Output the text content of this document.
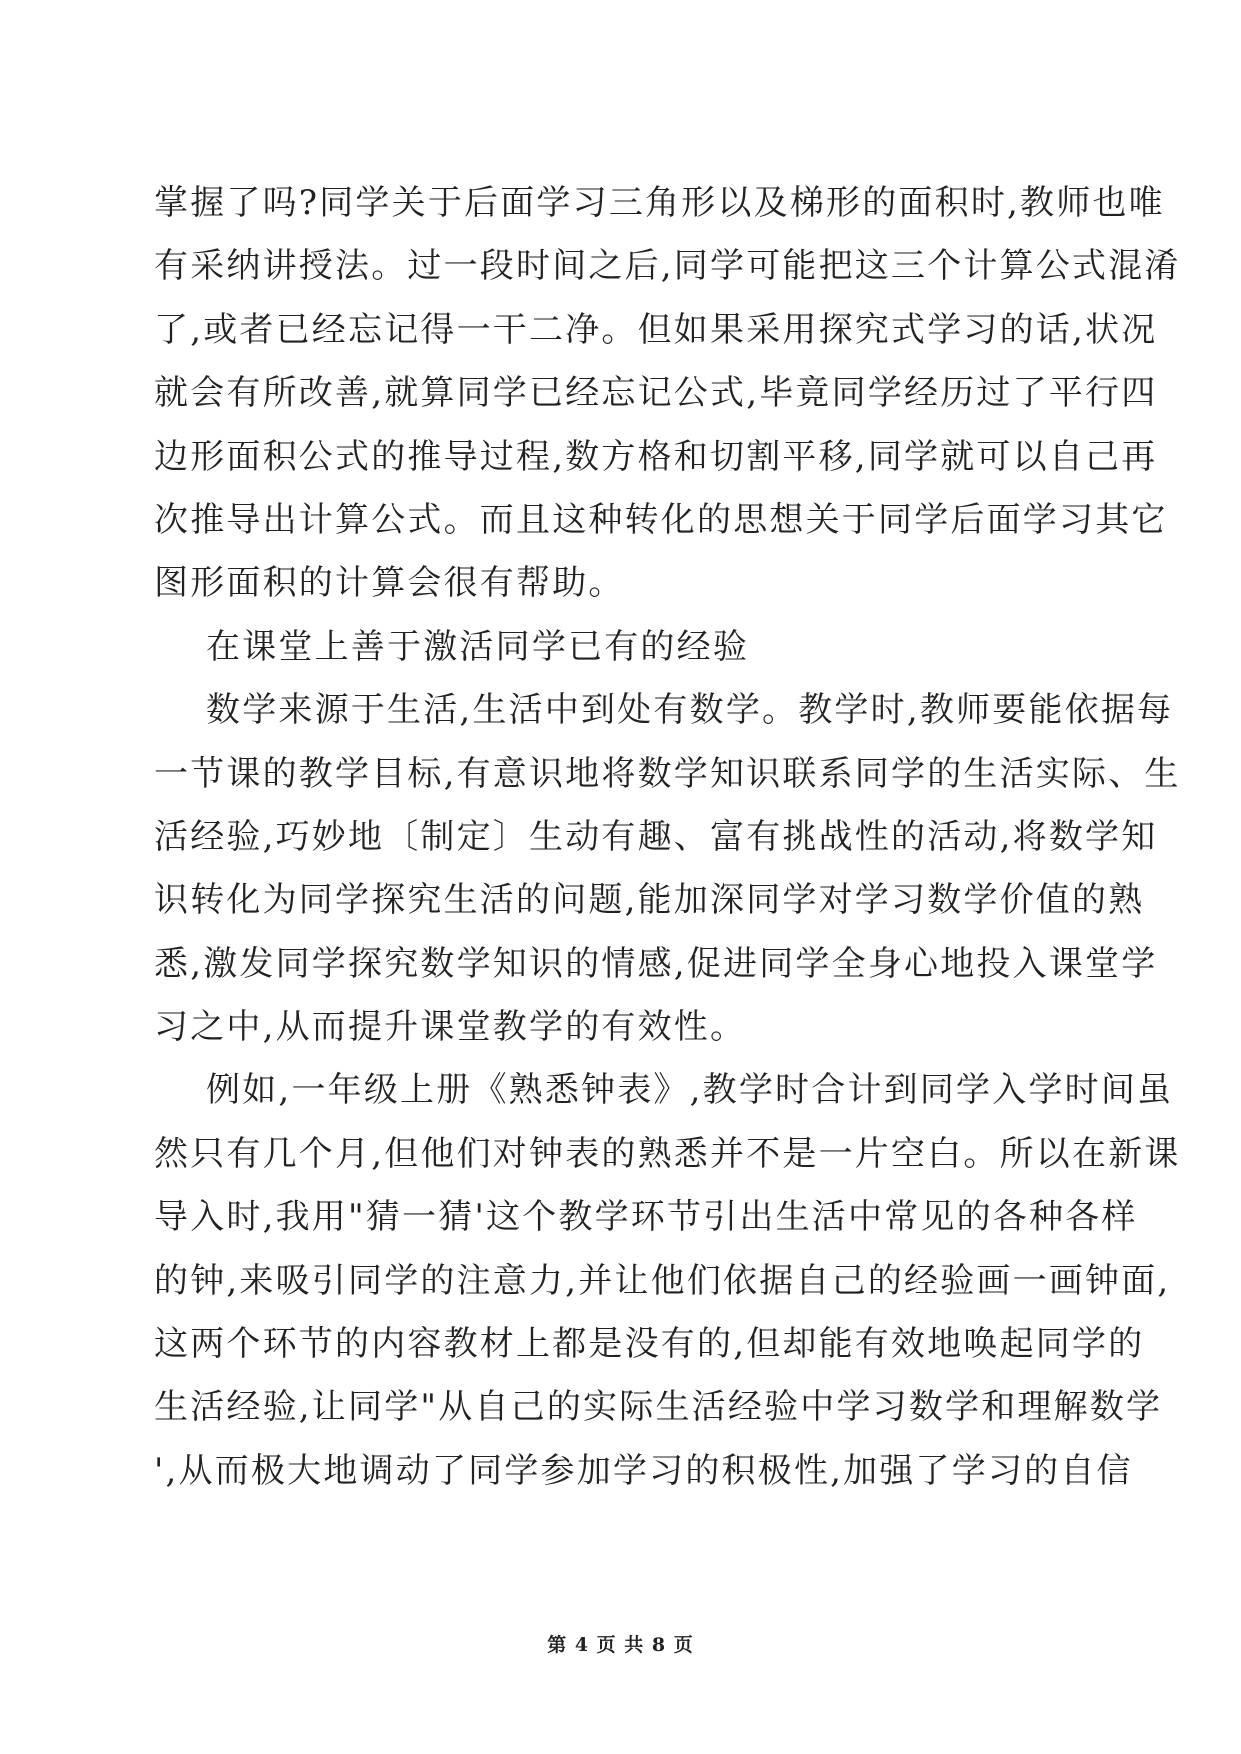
掌握了吗?同学关于后面学习三角形以及梯形的面积时,教师也唯
有采纳讲授法。过一段时间之后,同学可能把这三个计算公式混淆
了,或者已经忘记得一干二净。但如果采用探究式学习的话,状况
就会有所改善,就算同学已经忘记公式,毕竟同学经历过了平行四
边形面积公式的推导过程,数方格和切割平移,同学就可以自己再
次推导出计算公式。而且这种转化的思想关于同学后面学习其它
图形面积的计算会很有帮助。
在课堂上善于激活同学已有的经验
数学来源于生活,生活中到处有数学。教学时,教师要能依据每
一节课的教学目标,有意识地将数学知识联系同学的生活实际、生
活经验,巧妙地〔制定〕生动有趣、富有挑战性的活动,将数学知
识转化为同学探究生活的问题,能加深同学对学习数学价值的熟
悉,激发同学探究数学知识的情感,促进同学全身心地投入课堂学
习之中,从而提升课堂教学的有效性。
例如,一年级上册《熟悉钟表》,教学时合计到同学入学时间虽
然只有几个月,但他们对钟表的熟悉并不是一片空白。所以在新课
导入时,我用"猜一猜'这个教学环节引出生活中常见的各种各样
的钟,来吸引同学的注意力,并让他们依据自己的经验画一画钟面,
这两个环节的内容教材上都是没有的,但却能有效地唤起同学的
生活经验,让同学"从自己的实际生活经验中学习数学和理解数学
',从而极大地调动了同学参加学习的积极性,加强了学习的自信
第 4 页 共 8 页
